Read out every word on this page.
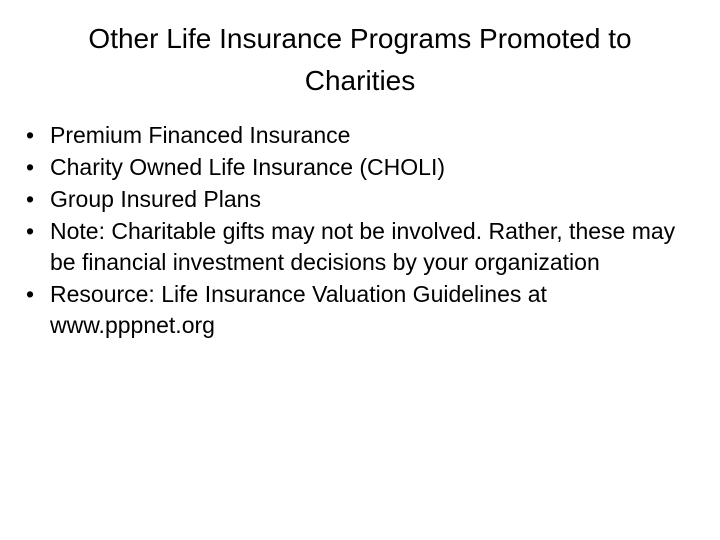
Other Life Insurance Programs Promoted to Charities
• Premium Financed Insurance
• Charity Owned Life Insurance (CHOLI)
• Group Insured Plans
• Note: Charitable gifts may not be involved. Rather, these may be financial investment decisions by your organization
• Resource: Life Insurance Valuation Guidelines at www.pppnet.org
